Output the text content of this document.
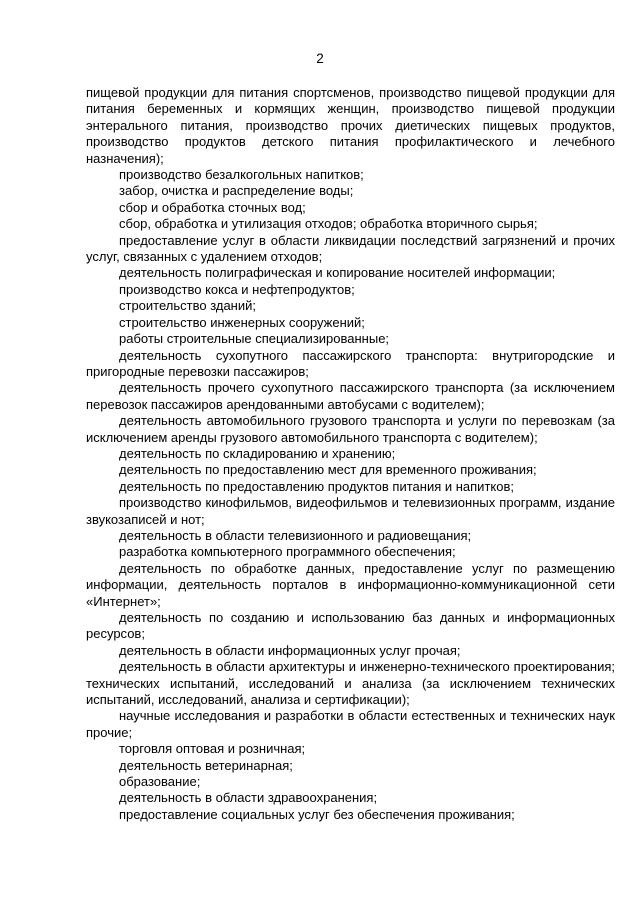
2

пищевой продукции для питания спортсменов, производство пищевой продукции для питания беременных и кормящих женщин, производство пищевой продукции энтерального питания, производство прочих диетических пищевых продуктов, производство продуктов детского питания профилактического и лечебного назначения);

производство безалкогольных напитков;

забор, очистка и распределение воды;

сбор и обработка сточных вод;

сбор, обработка и утилизация отходов; обработка вторичного сырья;

предоставление услуг в области ликвидации последствий загрязнений и прочих услуг, связанных с удалением отходов;

деятельность полиграфическая и копирование носителей информации;

производство кокса и нефтепродуктов;

строительство зданий;

строительство инженерных сооружений;

работы строительные специализированные;

деятельность сухопутного пассажирского транспорта: внутригородские и пригородные перевозки пассажиров;

деятельность прочего сухопутного пассажирского транспорта (за исключением перевозок пассажиров арендованными автобусами с водителем);

деятельность автомобильного грузового транспорта и услуги по перевозкам (за исключением аренды грузового автомобильного транспорта с водителем);

деятельность по складированию и хранению;

деятельность по предоставлению мест для временного проживания;

деятельность по предоставлению продуктов питания и напитков;

производство кинофильмов, видеофильмов и телевизионных программ, издание звукозаписей и нот;

деятельность в области телевизионного и радиовещания;

разработка компьютерного программного обеспечения;

деятельность по обработке данных, предоставление услуг по размещению информации, деятельность порталов в информационно-коммуникационной сети «Интернет»;

деятельность по созданию и использованию баз данных и информационных ресурсов;

деятельность в области информационных услуг прочая;

деятельность в области архитектуры и инженерно-технического проектирования; технических испытаний, исследований и анализа (за исключением технических испытаний, исследований, анализа и сертификации);

научные исследования и разработки в области естественных и технических наук прочие;

торговля оптовая и розничная;

деятельность ветеринарная;

образование;

деятельность в области здравоохранения;

предоставление социальных услуг без обеспечения проживания;
